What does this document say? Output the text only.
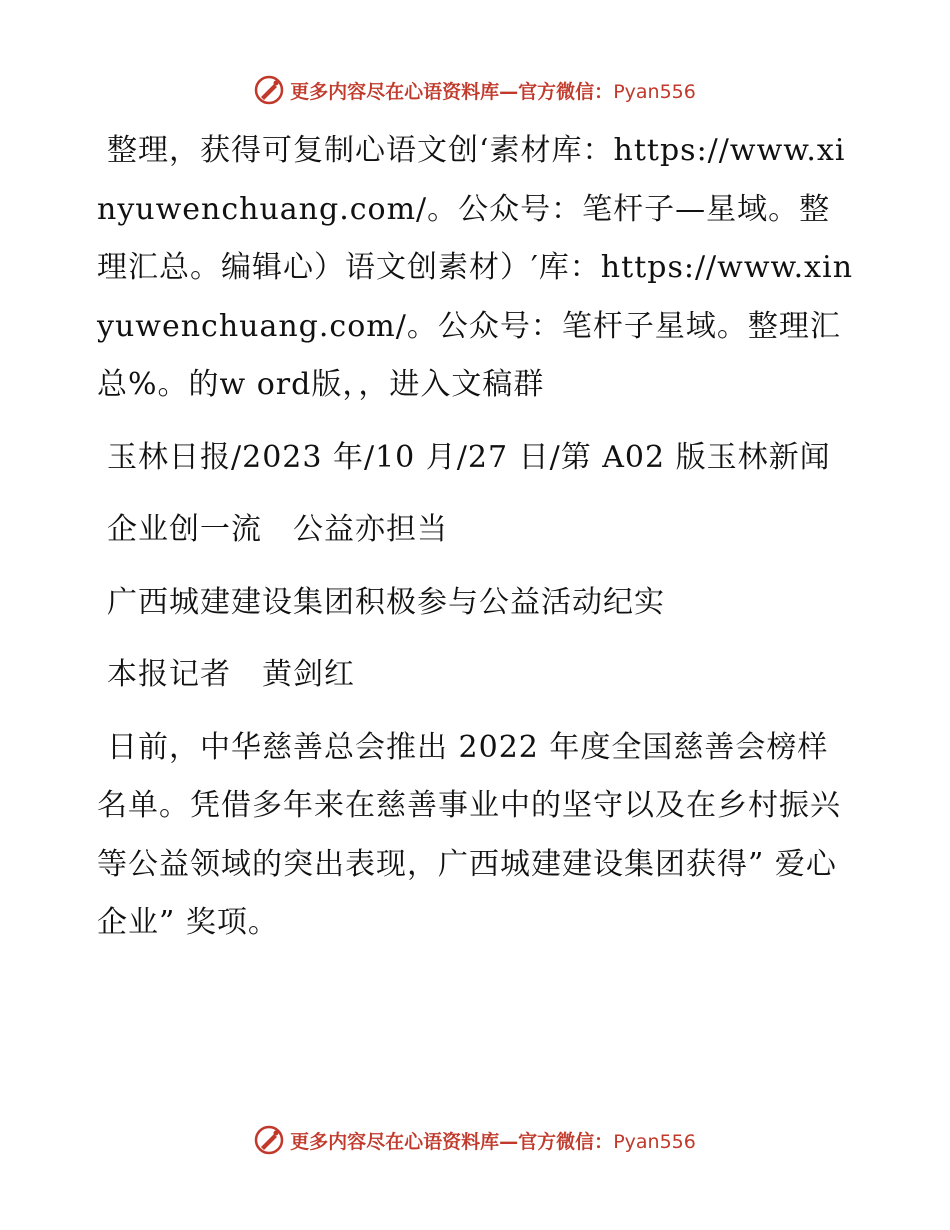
更多内容尽在心语资料库—官方微信：Pyan556

整理，获得可复制心语文创‘素材库：https://www.xinyuwenchuang.com/。公众号：笔杆子—星域。整理汇总。编辑心）语文创素材）′库：https://www.xinyuwenchuang.com/。公众号：笔杆子星域。整理汇总%。的w ord版，，进入文稿群

玉林日报/2023 年/10 月/27 日/第 A02 版玉林新闻

企业创一流　公益亦担当

广西城建建设集团积极参与公益活动纪实

本报记者　黄剑红

日前，中华慈善总会推出 2022 年度全国慈善会榜样名单。凭借多年来在慈善事业中的坚守以及在乡村振兴等公益领域的突出表现，广西城建建设集团获得” 爱心企业” 奖项。

更多内容尽在心语资料库—官方微信：Pyan556
